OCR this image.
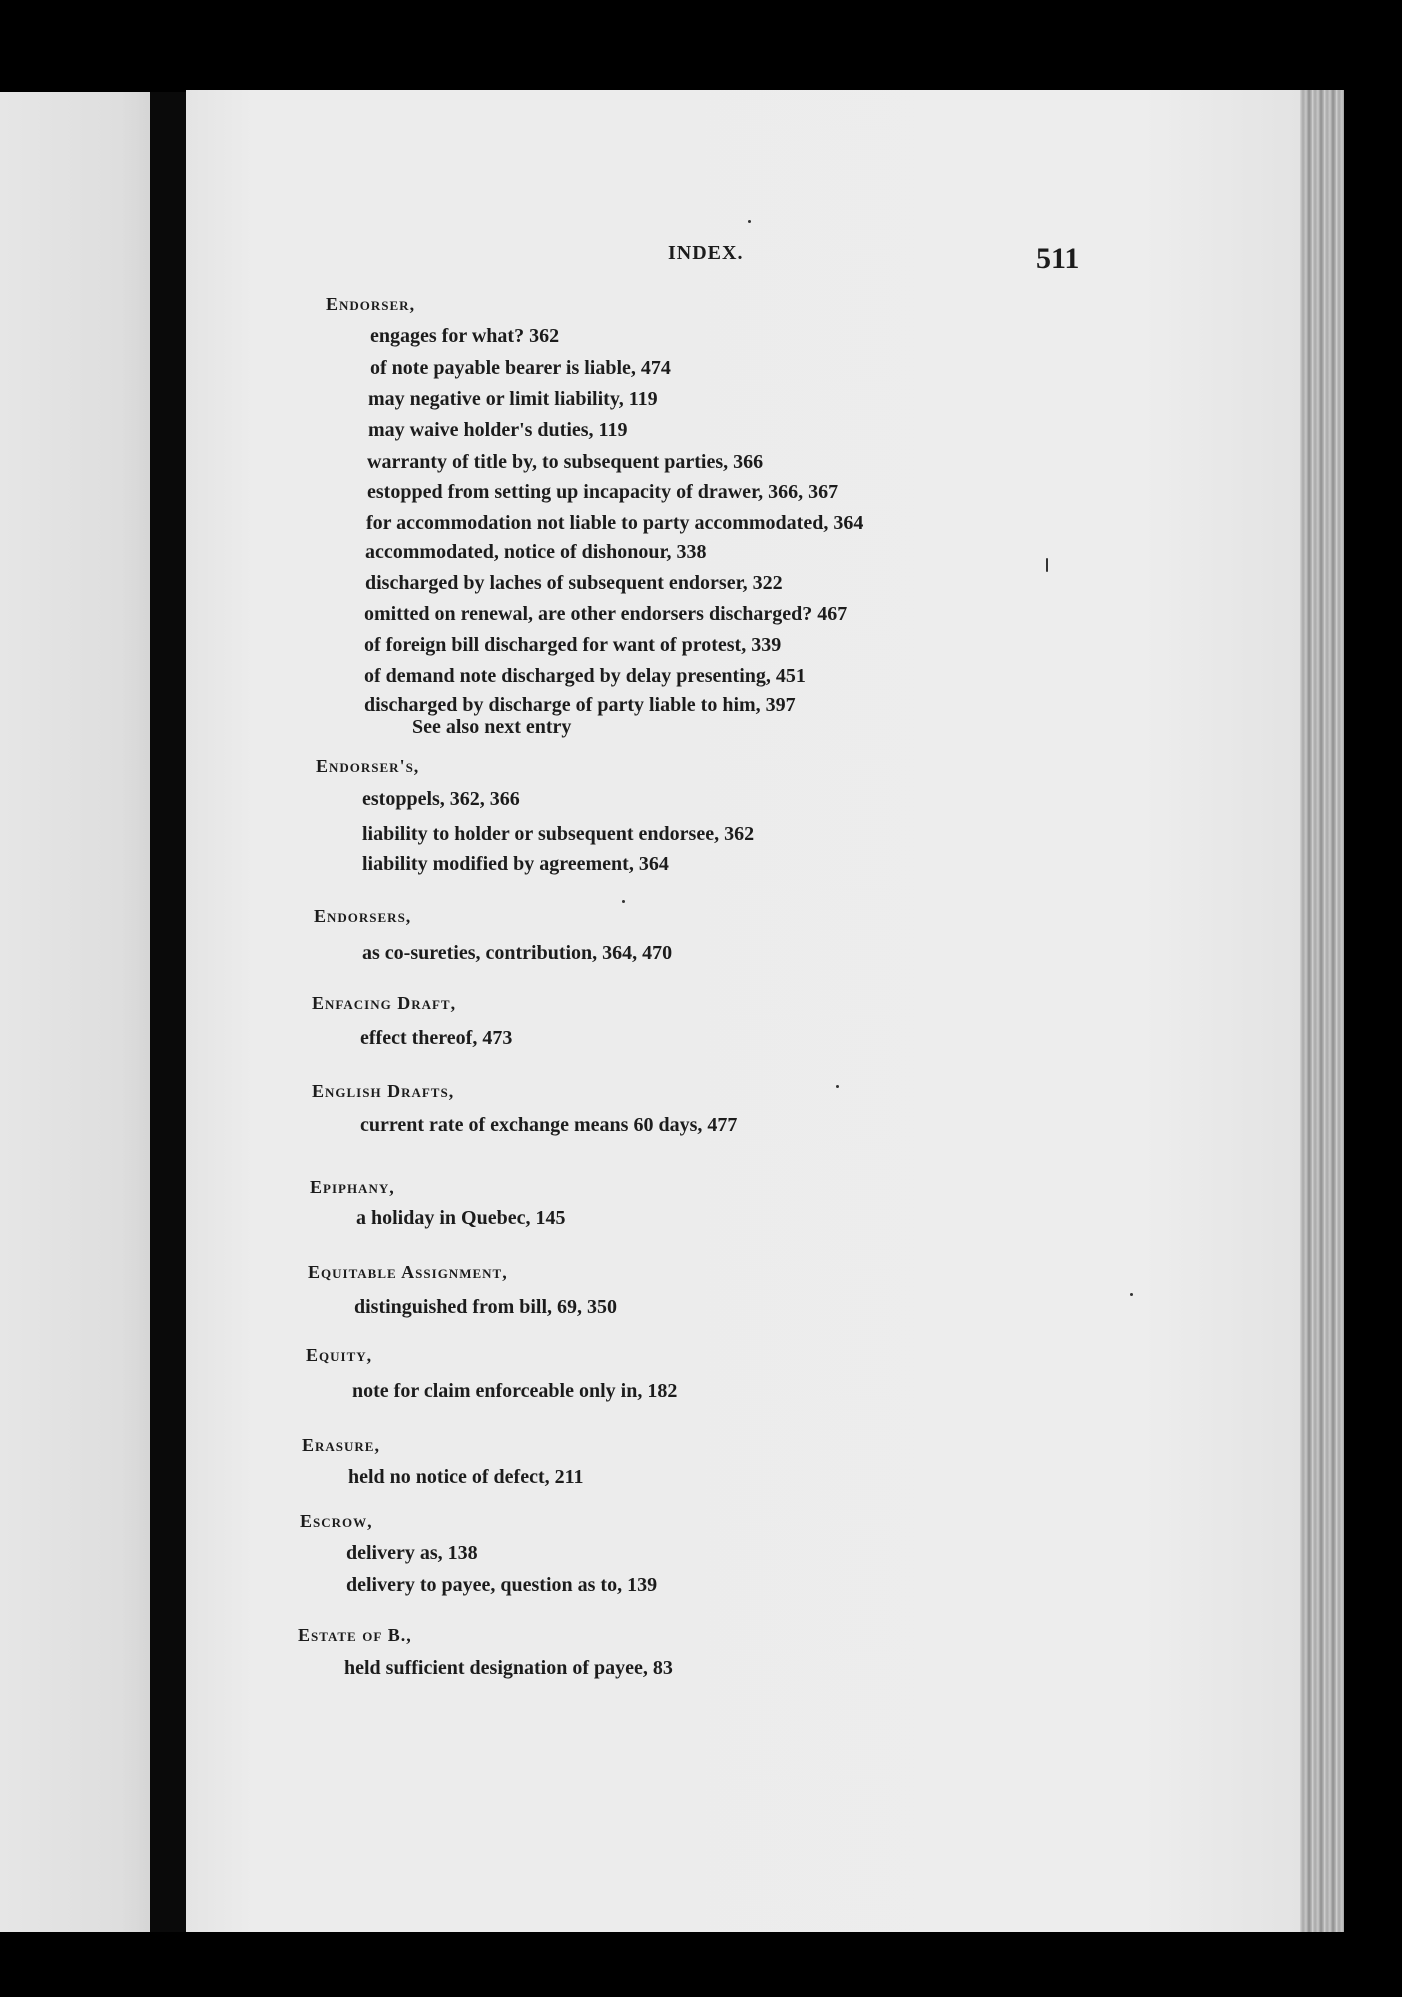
INDEX.	511
Endorser,
engages for what? 362
of note payable bearer is liable, 474
may negative or limit liability, 119
may waive holder's duties, 119
warranty of title by, to subsequent parties, 366
estopped from setting up incapacity of drawer, 366, 367
for accommodation not liable to party accommodated, 364
accommodated, notice of dishonour, 338
discharged by laches of subsequent endorser, 322
omitted on renewal, are other endorsers discharged? 467
of foreign bill discharged for want of protest, 339
of demand note discharged by delay presenting, 451
discharged by discharge of party liable to him, 397
See also next entry
Endorser's,
estoppels, 362, 366
liability to holder or subsequent endorsee, 362
liability modified by agreement, 364
Endorsers,
as co-sureties, contribution, 364, 470
Enfacing Draft,
effect thereof, 473
English Drafts,
current rate of exchange means 60 days, 477
Epiphany,
a holiday in Quebec, 145
Equitable Assignment,
distinguished from bill, 69, 350
Equity,
note for claim enforceable only in, 182
Erasure,
held no notice of defect, 211
Escrow,
delivery as, 138
delivery to payee, question as to, 139
Estate of B.,
held sufficient designation of payee, 83
